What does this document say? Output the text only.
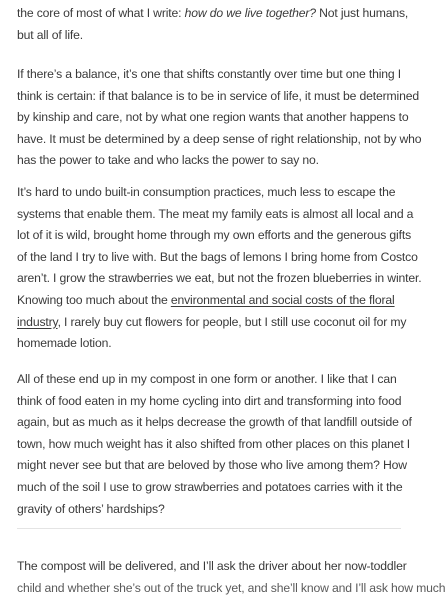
the core of most of what I write: how do we live together? Not just humans,
but all of life.

If there’s a balance, it’s one that shifts constantly over time but one thing I
think is certain: if that balance is to be in service of life, it must be determined
by kinship and care, not by what one region wants that another happens to
have. It must be determined by a deep sense of right relationship, not by who
has the power to take and who lacks the power to say no.

It’s hard to undo built-in consumption practices, much less to escape the
systems that enable them. The meat my family eats is almost all local and a
lot of it is wild, brought home through my own efforts and the generous gifts
of the land I try to live with. But the bags of lemons I bring home from Costco
aren’t. I grow the strawberries we eat, but not the frozen blueberries in winter.
Knowing too much about the environmental and social costs of the floral
industry, I rarely buy cut flowers for people, but I still use coconut oil for my
homemade lotion.

All of these end up in my compost in one form or another. I like that I can
think of food eaten in my home cycling into dirt and transforming into food
again, but as much as it helps decrease the growth of that landfill outside of
town, how much weight has it also shifted from other places on this planet I
might never see but that are beloved by those who live among them? How
much of the soil I use to grow strawberries and potatoes carries with it the
gravity of others’ hardships?

The compost will be delivered, and I’ll ask the driver about her now-toddler
child and whether she’s out of the truck yet, and she’ll know and I’ll ask how much
